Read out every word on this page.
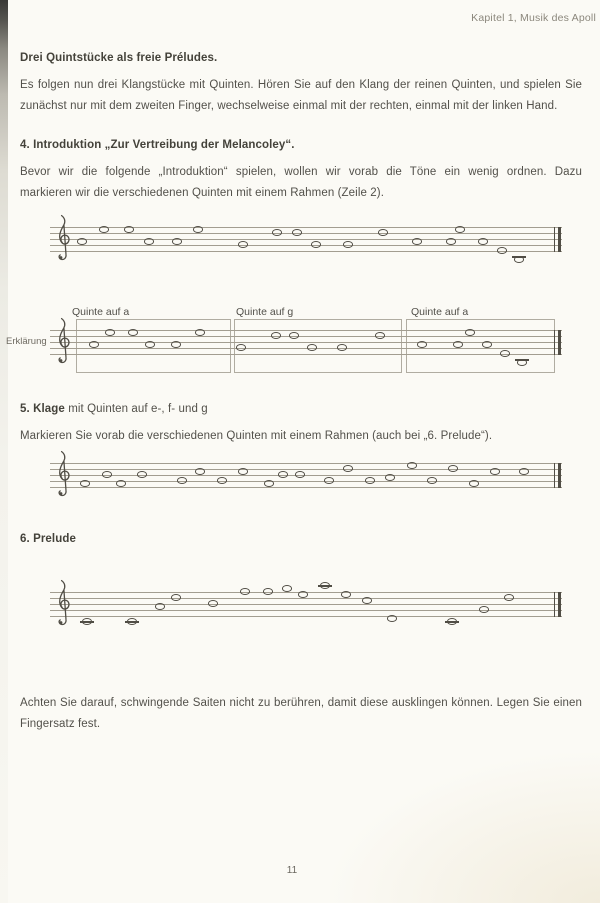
Kapitel 1, Musik des Apoll
Drei Quintstücke als freie Préludes.
Es folgen nun drei Klangstücke mit Quinten. Hören Sie auf den Klang der reinen Quinten, und spielen Sie
zunächst nur mit dem zweiten Finger, wechselweise einmal mit der rechten, einmal mit der linken Hand.
4. Introduktion „Zur Vertreibung der Melancoley“.
Bevor wir die folgende „Introduktion“ spielen, wollen wir vorab die Töne ein wenig ordnen. Dazu
markieren wir die verschiedenen Quinten mit einem Rahmen (Zeile 2).
Erklärung
Quinte auf a	Quinte auf g	Quinte auf a
5. Klage mit Quinten auf e-, f- und g
Markieren Sie vorab die verschiedenen Quinten mit einem Rahmen (auch bei „6. Prelude“).
6. Prelude
Achten Sie darauf, schwingende Saiten nicht zu berühren, damit diese ausklingen können. Legen Sie einen
Fingersatz fest.
11
